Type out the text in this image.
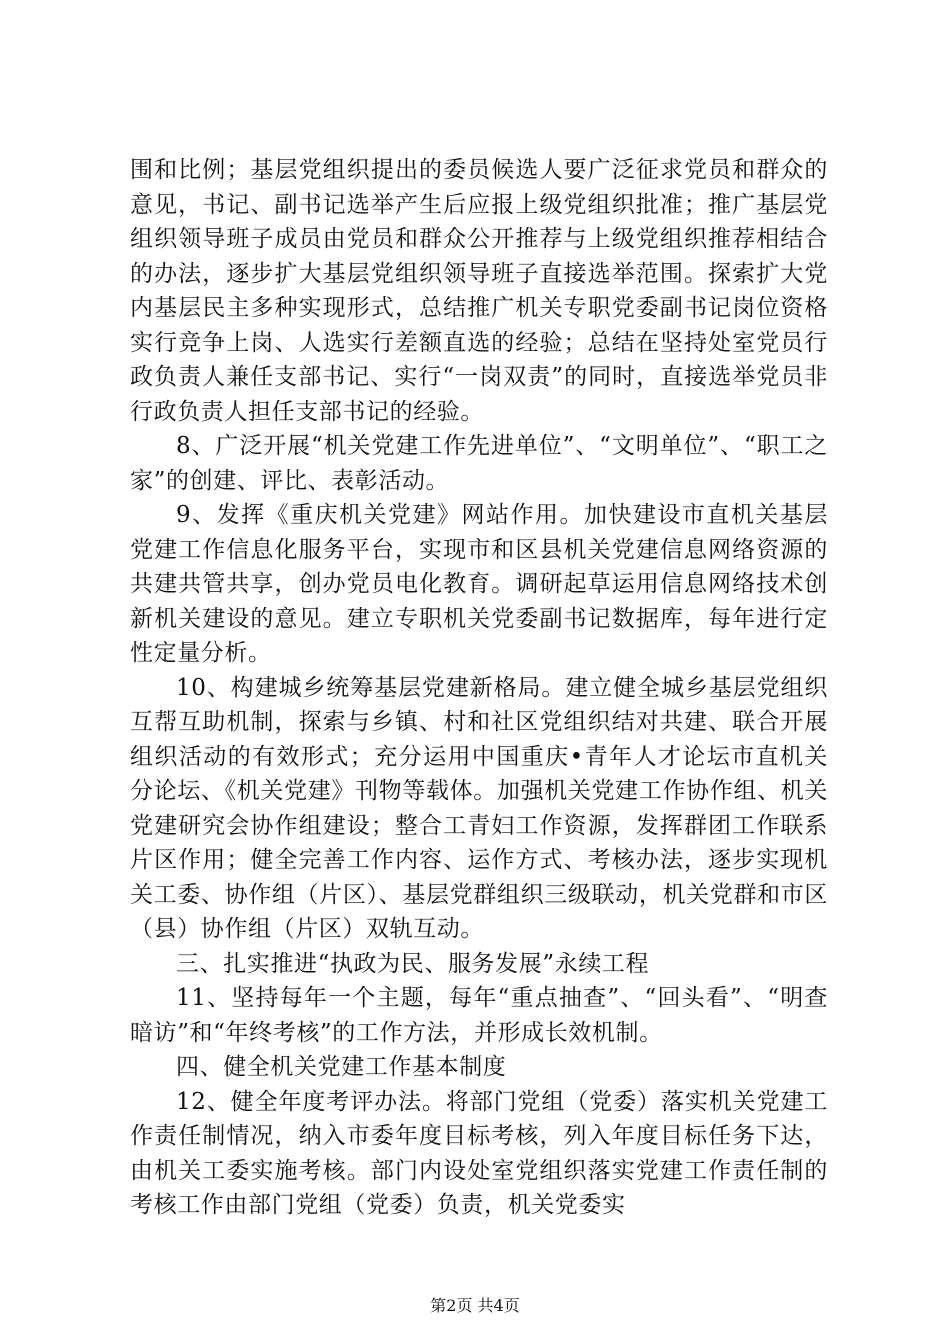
围和比例；基层党组织提出的委员候选人要广泛征求党员和群众的意见，书记、副书记选举产生后应报上级党组织批准；推广基层党组织领导班子成员由党员和群众公开推荐与上级党组织推荐相结合的办法，逐步扩大基层党组织领导班子直接选举范围。探索扩大党内基层民主多种实现形式，总结推广机关专职党委副书记岗位资格实行竞争上岗、人选实行差额直选的经验；总结在坚持处室党员行政负责人兼任支部书记、实行“一岗双责”的同时，直接选举党员非行政负责人担任支部书记的经验。

8、广泛开展“机关党建工作先进单位”、“文明单位”、“职工之家”的创建、评比、表彰活动。

9、发挥《重庆机关党建》网站作用。加快建设市直机关基层党建工作信息化服务平台，实现市和区县机关党建信息网络资源的共建共管共享，创办党员电化教育。调研起草运用信息网络技术创新机关建设的意见。建立专职机关党委副书记数据库，每年进行定性定量分析。

10、构建城乡统筹基层党建新格局。建立健全城乡基层党组织互帮互助机制，探索与乡镇、村和社区党组织结对共建、联合开展组织活动的有效形式；充分运用中国重庆•青年人才论坛市直机关分论坛、《机关党建》刊物等载体。加强机关党建工作协作组、机关党建研究会协作组建设；整合工青妇工作资源，发挥群团工作联系片区作用；健全完善工作内容、运作方式、考核办法，逐步实现机关工委、协作组（片区）、基层党群组织三级联动，机关党群和市区（县）协作组（片区）双轨互动。

三、扎实推进“执政为民、服务发展”永续工程

11、坚持每年一个主题，每年“重点抽查”、“回头看”、“明查暗访”和“年终考核”的工作方法，并形成长效机制。

四、健全机关党建工作基本制度

12、健全年度考评办法。将部门党组（党委）落实机关党建工作责任制情况，纳入市委年度目标考核，列入年度目标任务下达，由机关工委实施考核。部门内设处室党组织落实党建工作责任制的考核工作由部门党组（党委）负责，机关党委实

第2页 共4页
